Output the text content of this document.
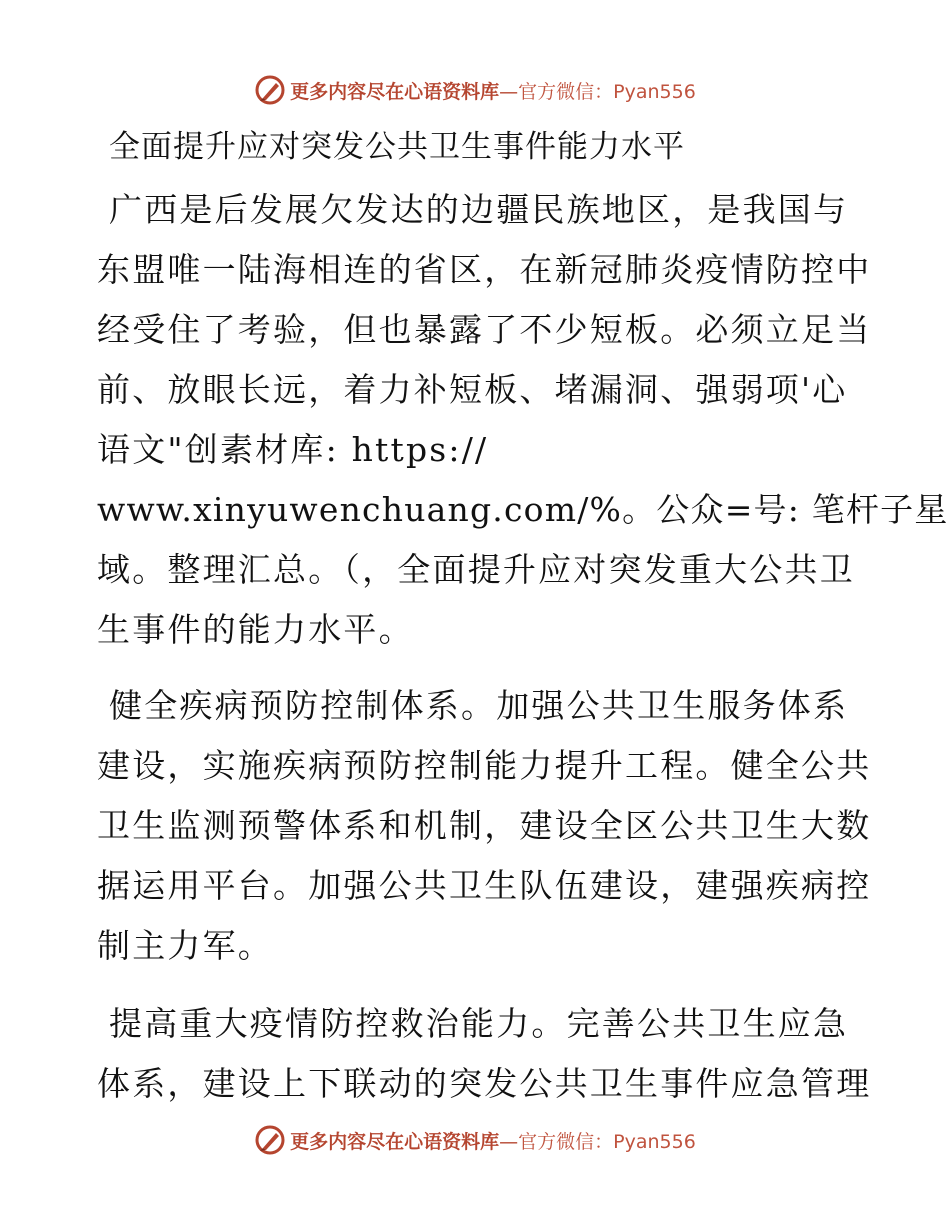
更多内容尽在心语资料库—官方微信：Pyan556
全面提升应对突发公共卫生事件能力水平
广西是后发展欠发达的边疆民族地区，是我国与
东盟唯一陆海相连的省区，在新冠肺炎疫情防控中
经受住了考验，但也暴露了不少短板。必须立足当
前、放眼长远，着力补短板、堵漏洞、强弱项'心
语文"创素材库: https://
www.xinyuwenchuang.com/%。公众=号: 笔杆子星
域。整理汇总。（，全面提升应对突发重大公共卫
生事件的能力水平。
健全疾病预防控制体系。加强公共卫生服务体系
建设，实施疾病预防控制能力提升工程。健全公共
卫生监测预警体系和机制，建设全区公共卫生大数
据运用平台。加强公共卫生队伍建设，建强疾病控
制主力军。
提高重大疫情防控救治能力。完善公共卫生应急
体系，建设上下联动的突发公共卫生事件应急管理
更多内容尽在心语资料库—官方微信：Pyan556
